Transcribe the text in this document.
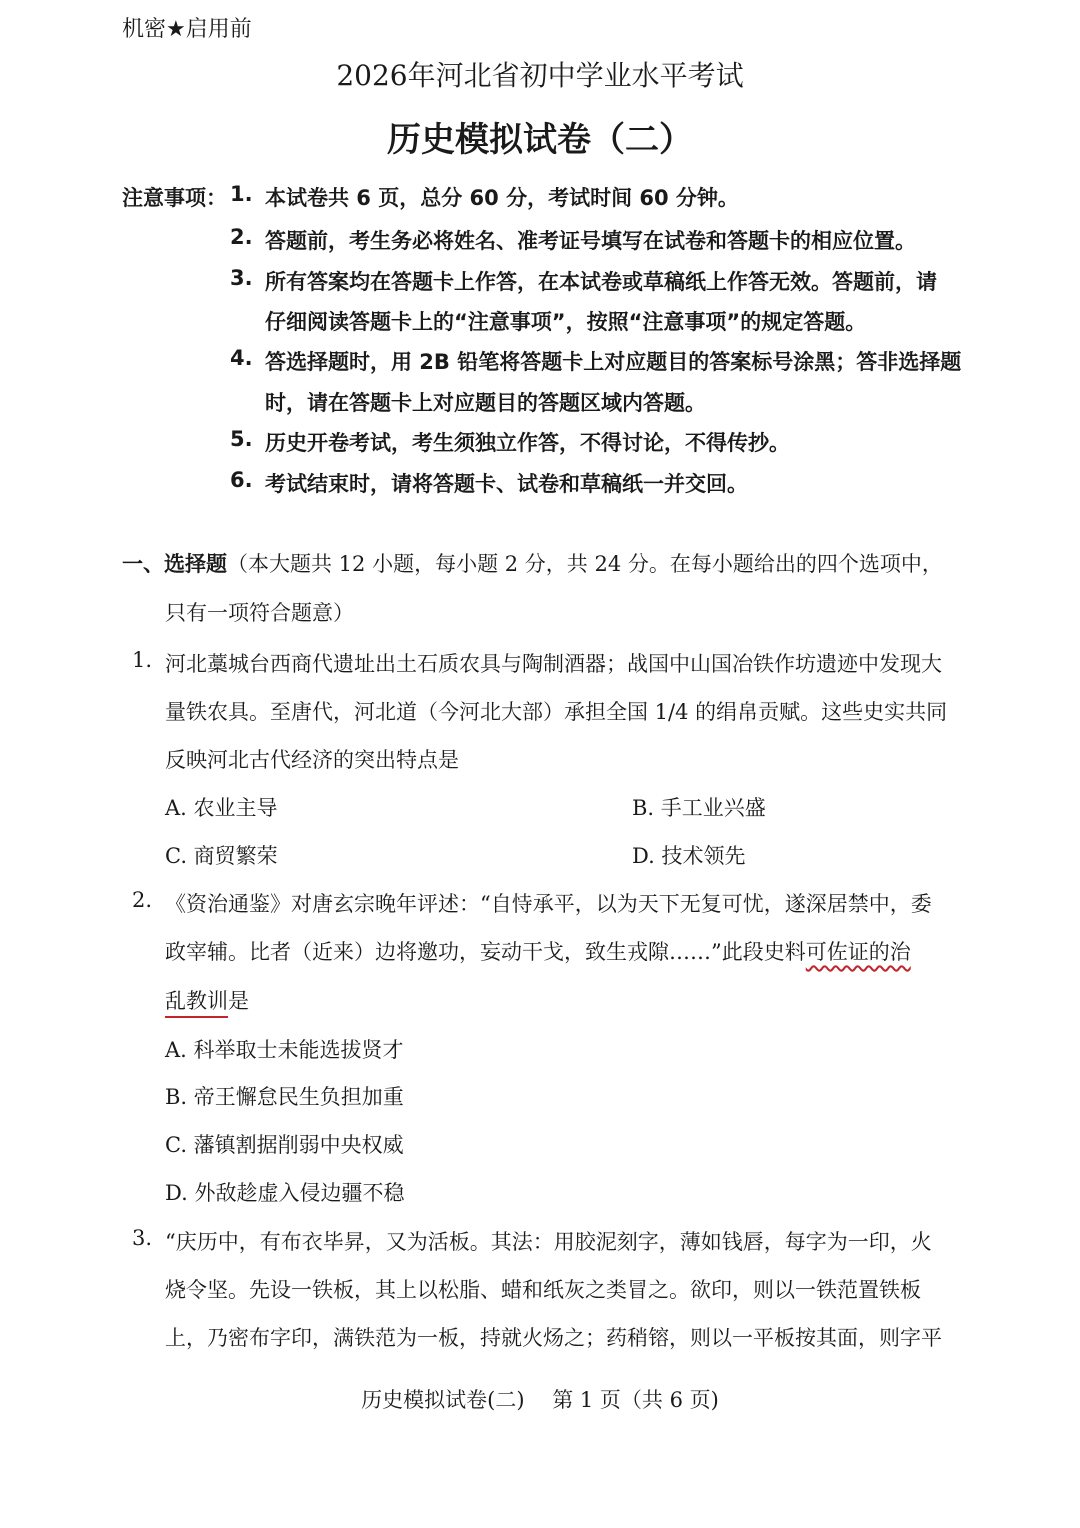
机密★启用前
2026年河北省初中学业水平考试
历史模拟试卷（二）
注意事项： 1. 本试卷共 6 页，总分 60 分，考试时间 60 分钟。
2. 答题前，考生务必将姓名、准考证号填写在试卷和答题卡的相应位置。
3. 所有答案均在答题卡上作答，在本试卷或草稿纸上作答无效。答题前，请
仔细阅读答题卡上的“注意事项”，按照“注意事项”的规定答题。
4. 答选择题时，用 2B 铅笔将答题卡上对应题目的答案标号涂黑；答非选择题
时，请在答题卡上对应题目的答题区域内答题。
5. 历史开卷考试，考生须独立作答，不得讨论，不得传抄。
6. 考试结束时，请将答题卡、试卷和草稿纸一并交回。
一、选择题（本大题共 12 小题，每小题 2 分，共 24 分。在每小题给出的四个选项中，
只有一项符合题意）
1. 河北藁城台西商代遗址出土石质农具与陶制酒器；战国中山国冶铁作坊遗迹中发现大
量铁农具。至唐代，河北道（今河北大部）承担全国 1/4 的绢帛贡赋。这些史实共同
反映河北古代经济的突出特点是
A. 农业主导	B. 手工业兴盛
C. 商贸繁荣	D. 技术领先
2. 《资治通鉴》对唐玄宗晚年评述：“自恃承平，以为天下无复可忧，遂深居禁中，委
政宰辅。比者（近来）边将邀功，妄动干戈，致生戎隙……”此段史料可佐证的治
乱教训是
A. 科举取士未能选拔贤才
B. 帝王懈怠民生负担加重
C. 藩镇割据削弱中央权威
D. 外敌趁虚入侵边疆不稳
3. “庆历中，有布衣毕昇，又为活板。其法：用胶泥刻字，薄如钱唇，每字为一印，火
烧令坚。先设一铁板，其上以松脂、蜡和纸灰之类冒之。欲印，则以一铁范置铁板
上，乃密布字印，满铁范为一板，持就火炀之；药稍镕，则以一平板按其面，则字平
历史模拟试卷(二)　 第 1 页（共 6 页)
